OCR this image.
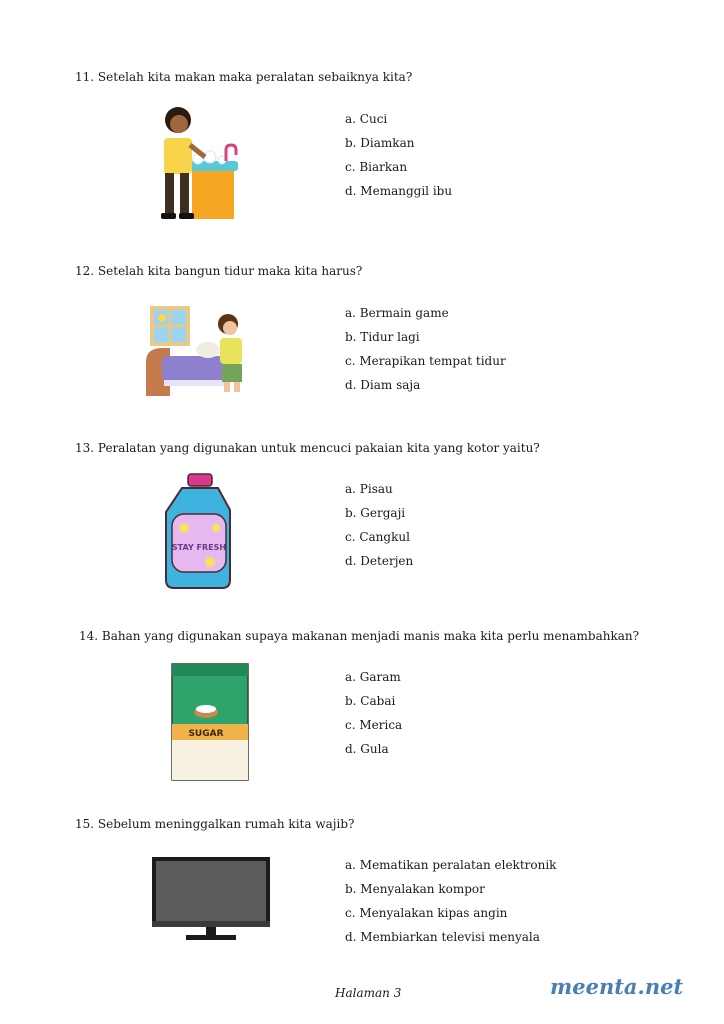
11. Setelah kita makan maka peralatan sebaiknya kita?
a. Cuci
b. Diamkan
c. Biarkan
d. Memanggil ibu
12. Setelah kita bangun tidur maka kita harus?
a. Bermain game
b. Tidur lagi
c. Merapikan tempat tidur
d. Diam saja
13. Peralatan yang digunakan untuk mencuci pakaian kita yang kotor yaitu?
STAY FRESH
a. Pisau
b. Gergaji
c. Cangkul
d. Deterjen
14. Bahan yang digunakan supaya makanan menjadi manis maka kita perlu menambahkan?
SUGAR
a. Garam
b. Cabai
c. Merica
d. Gula
15. Sebelum meninggalkan rumah kita wajib?
a. Mematikan peralatan elektronik
b. Menyalakan kompor
c. Menyalakan kipas angin
d. Membiarkan televisi menyala
Halaman 3	meenta.net
